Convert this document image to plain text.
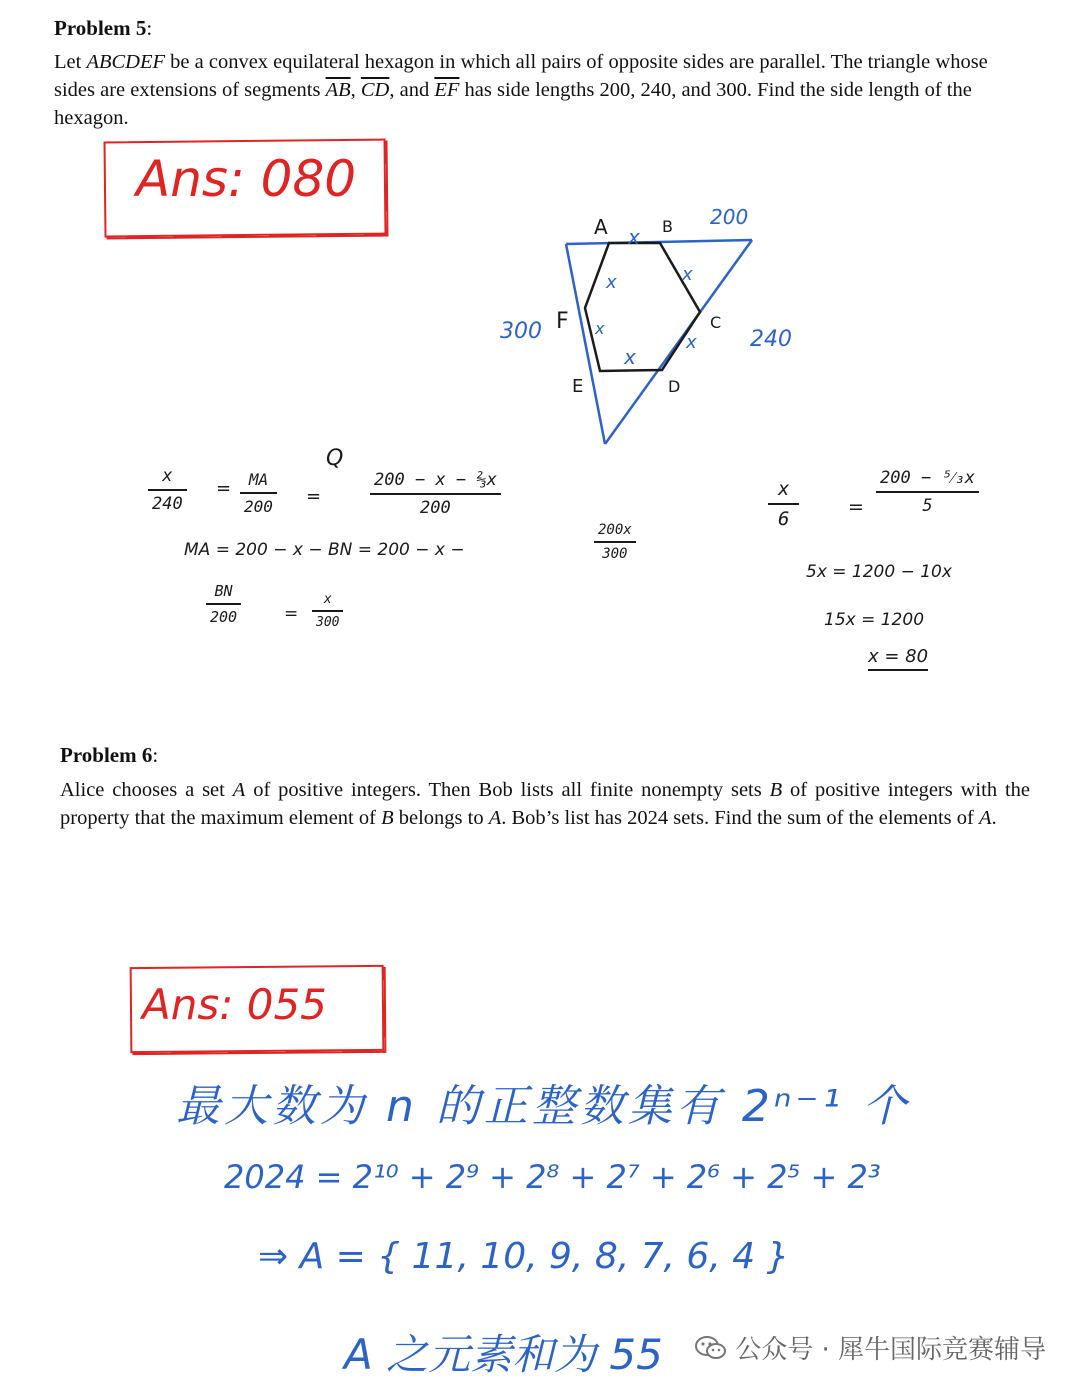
Problem 5:

Let ABCDEF be a convex equilateral hexagon in which all pairs of opposite sides are parallel. The triangle whose sides are extensions of segments $\overline{AB}$, $\overline{CD}$, and $\overline{EF}$ has side lengths 200, 240, and 300. Find the side length of the hexagon.

Ans: 080
x
x
x
x
x
x
A	B
C
D
E
F
200
240
300
$\frac{x}{240} = \frac{MA}{200}$ =
Q
$\frac{\text{200 − x − ⅔x}}{200}$
MA = 200 − x − BN = 200 − x −	$\frac{200x}{300}$
$\frac{BN}{200}$	= $\frac{x}{300}$
$\frac{x}{6}$	= $\frac{\text{200 − ⁵⁄₃x}}{5}$
5x = 1200 − 10x
15x = 1200
x = 80
Problem 6:

Alice chooses a set A of positive integers. Then Bob lists all finite nonempty sets B of positive integers with the property that the maximum element of B belongs to A. Bob’s list has 2024 sets. Find the sum of the elements of A.

Ans: 055
最大数为 n 的正整数集有 2ⁿ⁻¹ 个
2024 = 2¹⁰ + 2⁹ + 2⁸ + 2⁷ + 2⁶ + 2⁵ + 2³
⇒ A = { 11, 10, 9, 8, 7, 6, 4 }
A 之元素和为 55	公众号 · 犀牛国际竞赛辅导
